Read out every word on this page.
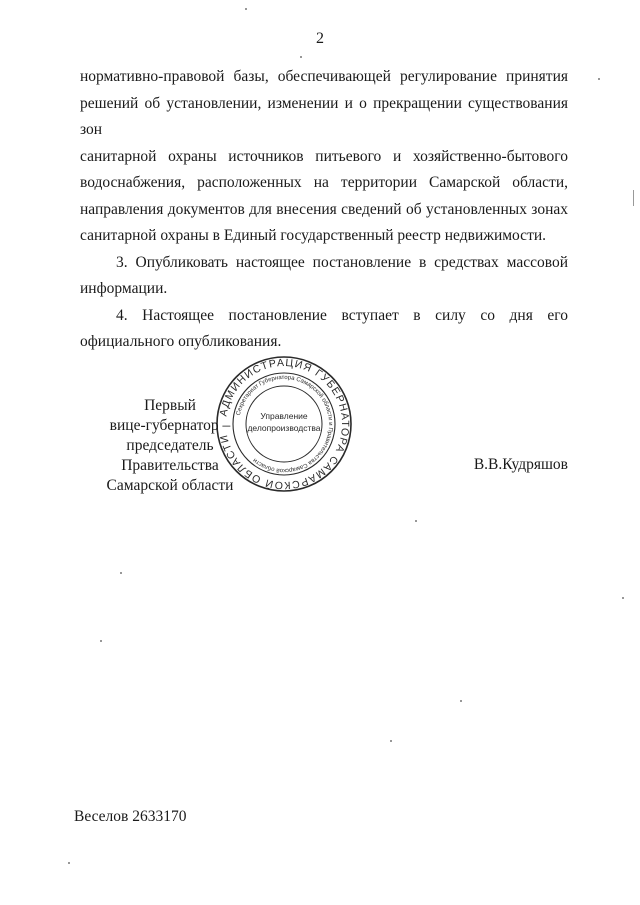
2

нормативно-правовой базы, обеспечивающей регулирование принятия
решений об установлении, изменении и о прекращении существования зон
санитарной охраны источников питьевого и хозяйственно-бытового
водоснабжения, расположенных на территории Самарской области,
направления документов для внесения сведений об установленных зонах
санитарной охраны в Единый государственный реестр недвижимости.

3. Опубликовать настоящее постановление в средствах массовой
информации.

4. Настоящее постановление вступает в силу со дня его
официального опубликования.

АДМИНИСТРАЦИЯ ГУБЕРНАТОРА САМАРСКОЙ ОБЛАСТИ
Секретариат Губернатора Самарской области и Правительства Самарской области
Управление
делопроизводства
Первый
вице-губернатор –
председатель Правительства
Самарской области
В.В.Кудряшов
Веселов 2633170
